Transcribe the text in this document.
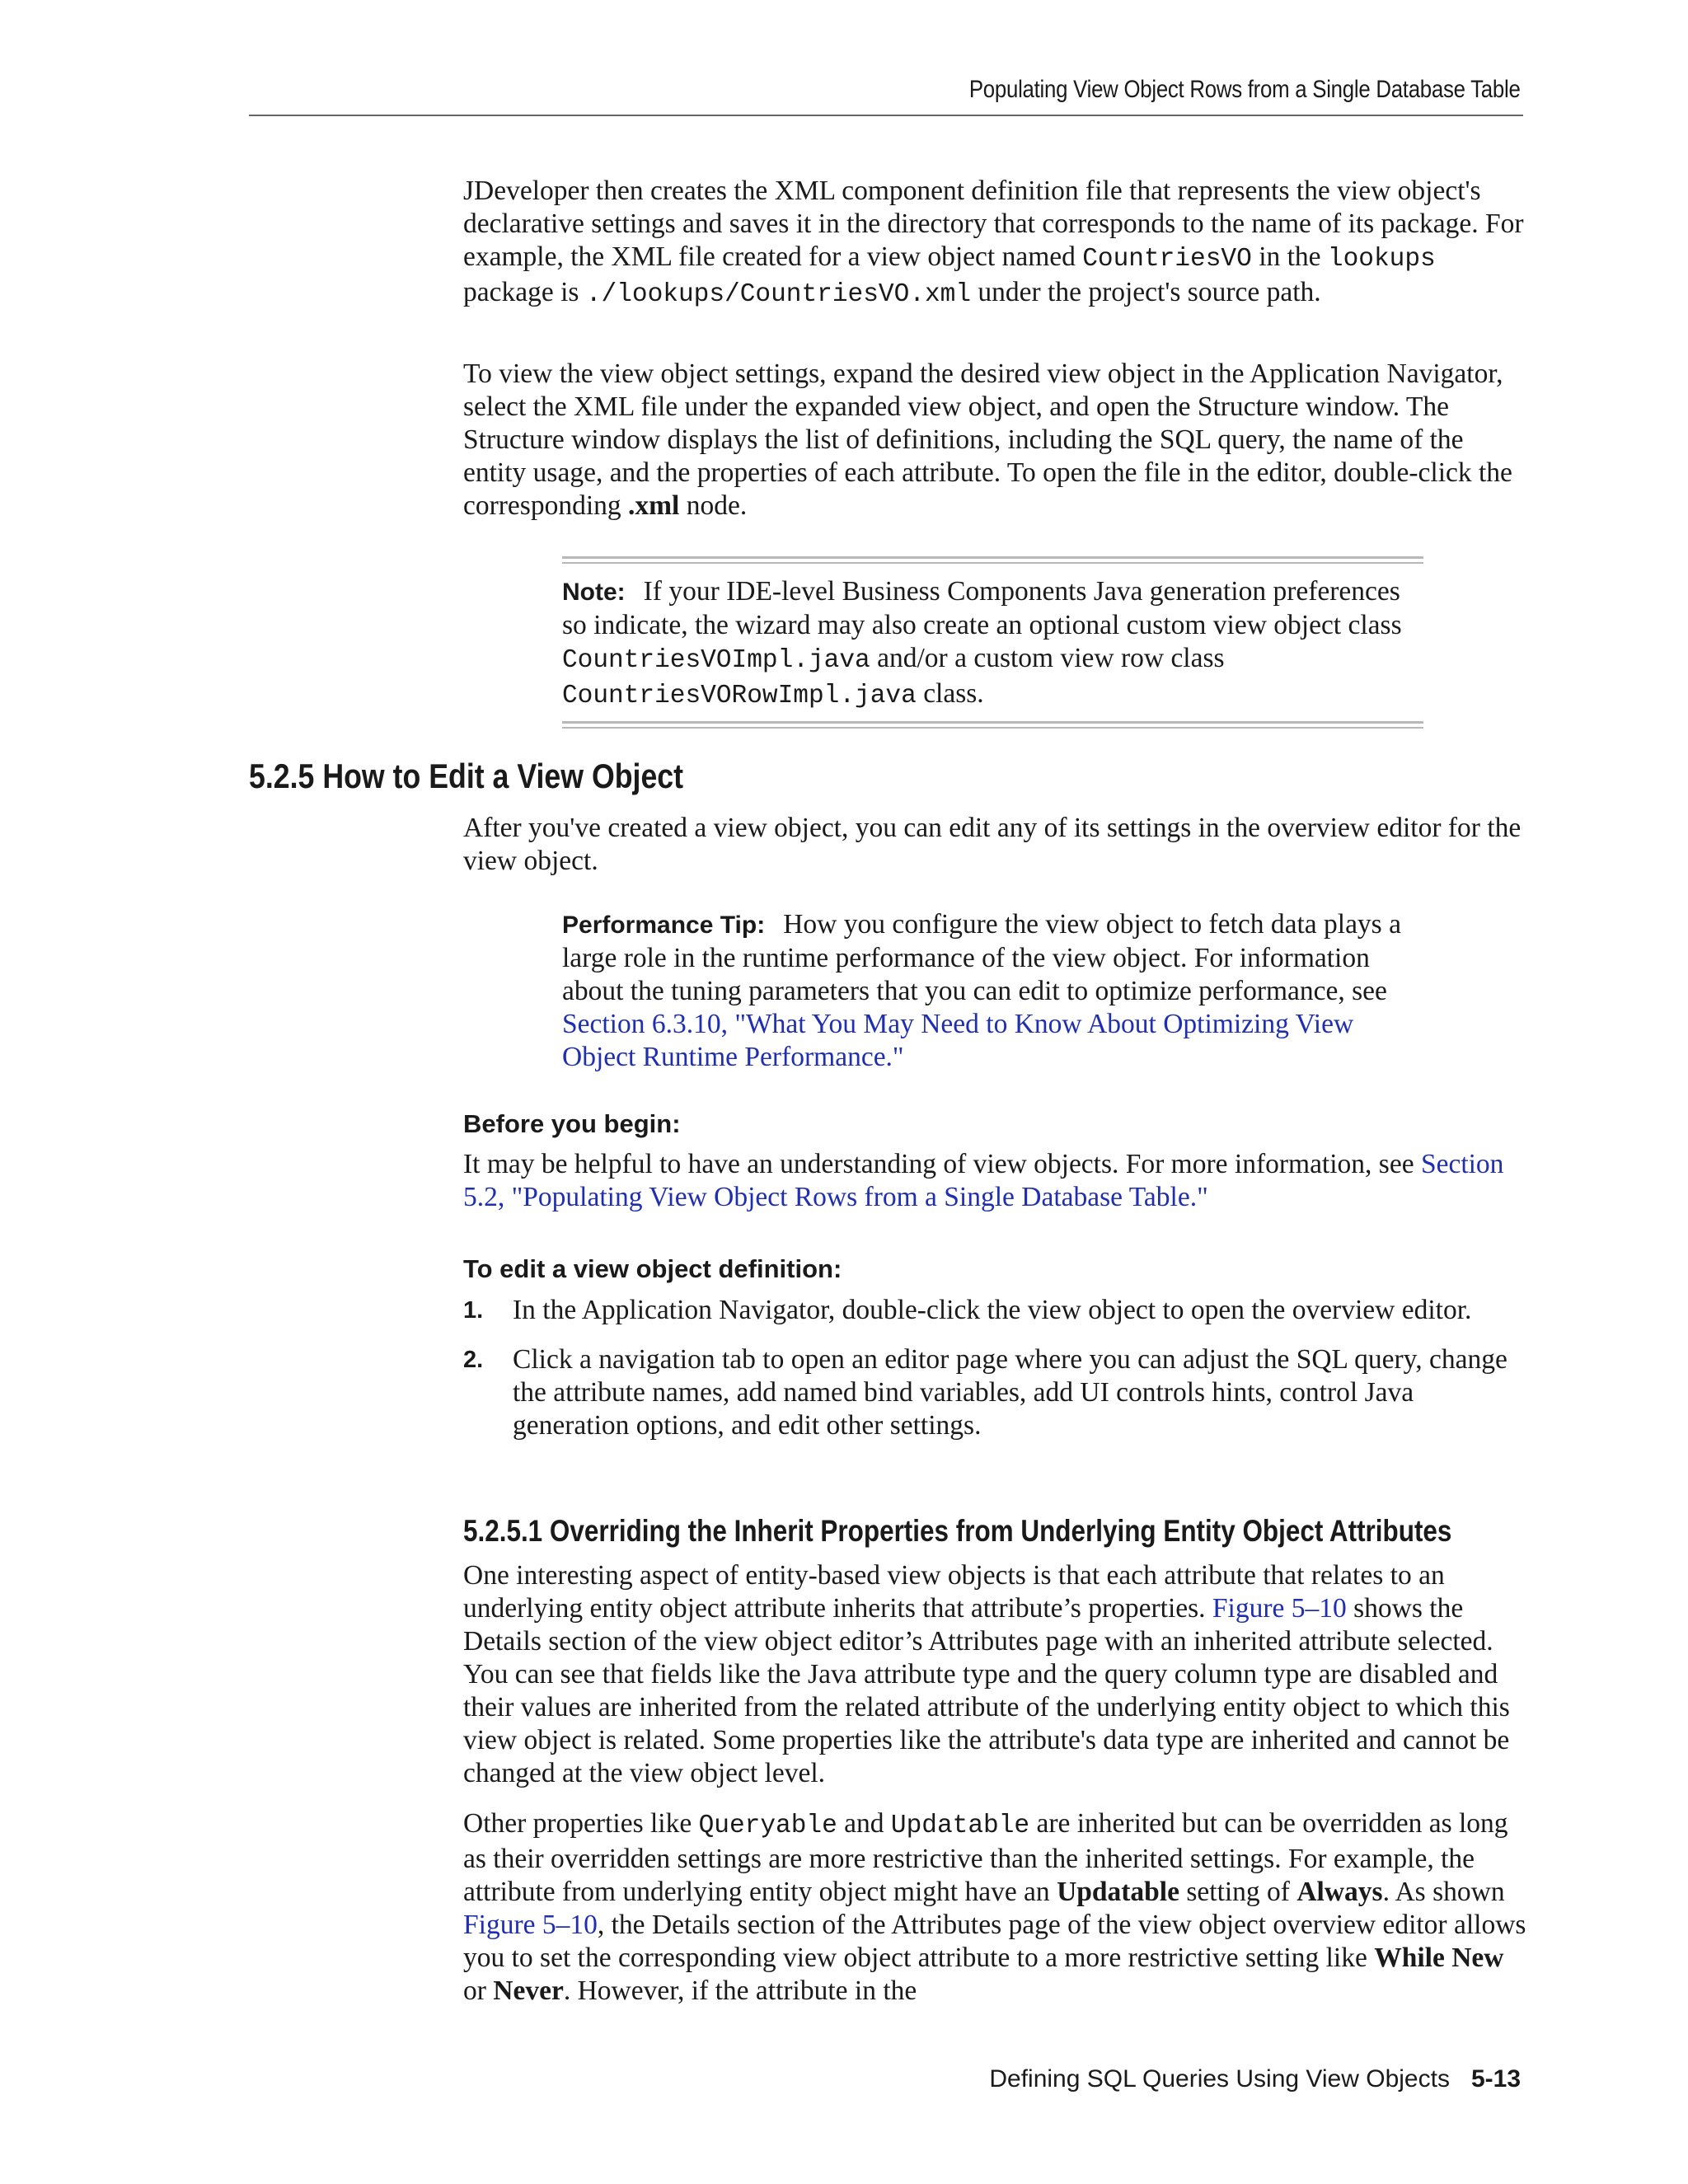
Populating View Object Rows from a Single Database Table

JDeveloper then creates the XML component definition file that represents the view object's declarative settings and saves it in the directory that corresponds to the name of its package. For example, the XML file created for a view object named CountriesVO in the lookups package is ./lookups/CountriesVO.xml under the project's source path.

To view the view object settings, expand the desired view object in the Application Navigator, select the XML file under the expanded view object, and open the Structure window. The Structure window displays the list of definitions, including the SQL query, the name of the entity usage, and the properties of each attribute. To open the file in the editor, double-click the corresponding .xml node.

Note: If your IDE-level Business Components Java generation preferences so indicate, the wizard may also create an optional custom view object class CountriesVOImpl.java and/or a custom view row class CountriesVORowImpl.java class.

5.2.5 How to Edit a View Object

After you've created a view object, you can edit any of its settings in the overview editor for the view object.

Performance Tip: How you configure the view object to fetch data plays a large role in the runtime performance of the view object. For information about the tuning parameters that you can edit to optimize performance, see Section 6.3.10, "What You May Need to Know About Optimizing View Object Runtime Performance."

Before you begin:

It may be helpful to have an understanding of view objects. For more information, see Section 5.2, "Populating View Object Rows from a Single Database Table."

To edit a view object definition:
1. In the Application Navigator, double-click the view object to open the overview editor.
2. Click a navigation tab to open an editor page where you can adjust the SQL query, change the attribute names, add named bind variables, add UI controls hints, control Java generation options, and edit other settings.
5.2.5.1 Overriding the Inherit Properties from Underlying Entity Object Attributes

One interesting aspect of entity-based view objects is that each attribute that relates to an underlying entity object attribute inherits that attribute’s properties. Figure 5–10 shows the Details section of the view object editor’s Attributes page with an inherited attribute selected. You can see that fields like the Java attribute type and the query column type are disabled and their values are inherited from the related attribute of the underlying entity object to which this view object is related. Some properties like the attribute's data type are inherited and cannot be changed at the view object level.

Other properties like Queryable and Updatable are inherited but can be overridden as long as their overridden settings are more restrictive than the inherited settings. For example, the attribute from underlying entity object might have an Updatable setting of Always. As shown Figure 5–10, the Details section of the Attributes page of the view object overview editor allows you to set the corresponding view object attribute to a more restrictive setting like While New or Never. However, if the attribute in the

Defining SQL Queries Using View Objects 5-13
